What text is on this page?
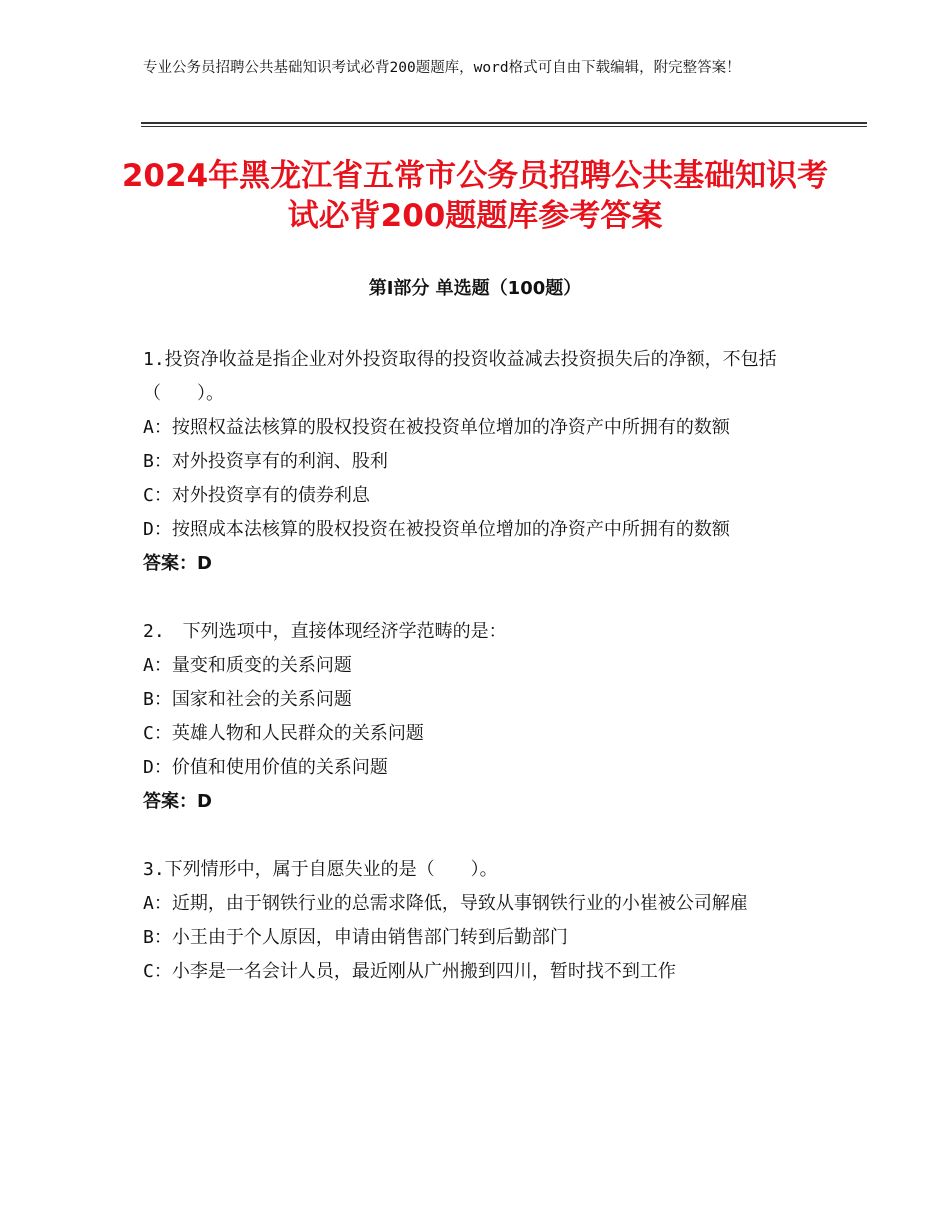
专业公务员招聘公共基础知识考试必背200题题库，word格式可自由下载编辑，附完整答案！
2024年黑龙江省五常市公务员招聘公共基础知识考试必背200题题库参考答案
第Ⅰ部分 单选题（100题）

1.投资净收益是指企业对外投资取得的投资收益减去投资损失后的净额，不包括（　　）。

A：按照权益法核算的股权投资在被投资单位增加的净资产中所拥有的数额

B：对外投资享有的利润、股利

C：对外投资享有的债券利息

D：按照成本法核算的股权投资在被投资单位增加的净资产中所拥有的数额

答案：D

2.　下列选项中，直接体现经济学范畴的是：

A：量变和质变的关系问题

B：国家和社会的关系问题

C：英雄人物和人民群众的关系问题

D：价值和使用价值的关系问题

答案：D

3.下列情形中，属于自愿失业的是（　　）。

A：近期，由于钢铁行业的总需求降低，导致从事钢铁行业的小崔被公司解雇

B：小王由于个人原因，申请由销售部门转到后勤部门

C：小李是一名会计人员，最近刚从广州搬到四川，暂时找不到工作
